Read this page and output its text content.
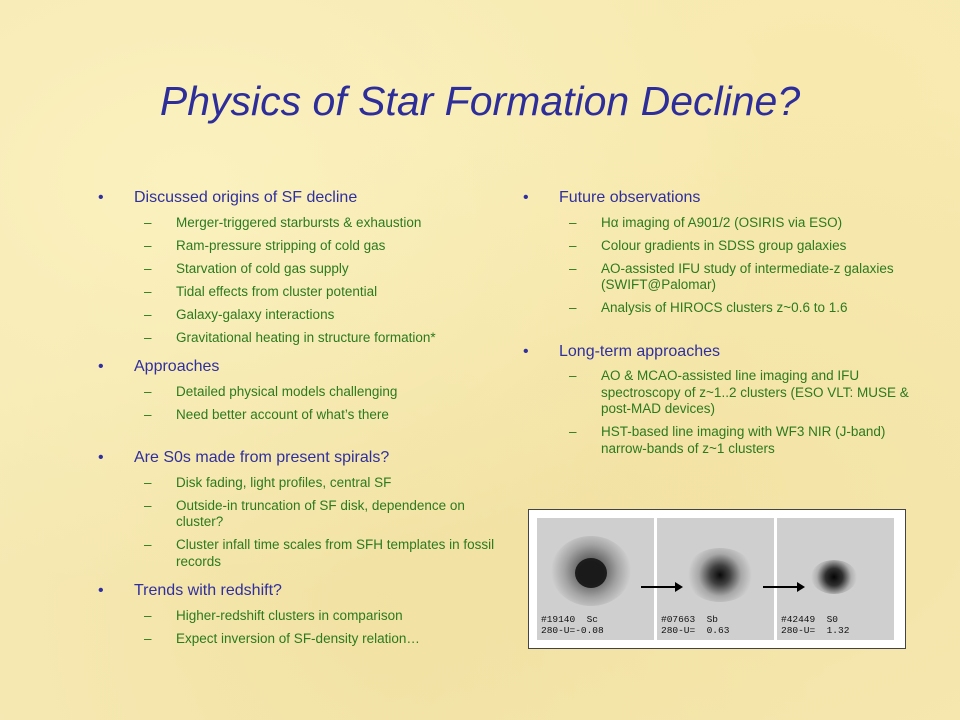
Physics of Star Formation Decline?
• Discussed origins of SF decline
– Merger-triggered starbursts & exhaustion
– Ram-pressure stripping of cold gas
– Starvation of cold gas supply
– Tidal effects from cluster potential
– Galaxy-galaxy interactions
– Gravitational heating in structure formation*
• Approaches
– Detailed physical models challenging
– Need better account of what’s there
• Are S0s made from present spirals?
– Disk fading, light profiles, central SF
– Outside-in truncation of SF disk, dependence on cluster?
– Cluster infall time scales from SFH templates in fossil records
• Trends with redshift?
– Higher-redshift clusters in comparison
– Expect inversion of SF-density relation…
• Future observations
– Hα imaging of A901/2 (OSIRIS via ESO)
– Colour gradients in SDSS group galaxies
– AO-assisted IFU study of intermediate-z galaxies (SWIFT@Palomar)
– Analysis of HIROCS clusters z~0.6 to 1.6
• Long-term approaches
– AO & MCAO-assisted line imaging and IFU spectroscopy of z~1..2 clusters (ESO VLT: MUSE & post-MAD devices)
– HST-based line imaging with WF3 NIR (J-band) narrow-bands of z~1 clusters
#19140  Sc
280-U=-0.08
#07663  Sb
280-U=  0.63
#42449  S0
280-U=  1.32
